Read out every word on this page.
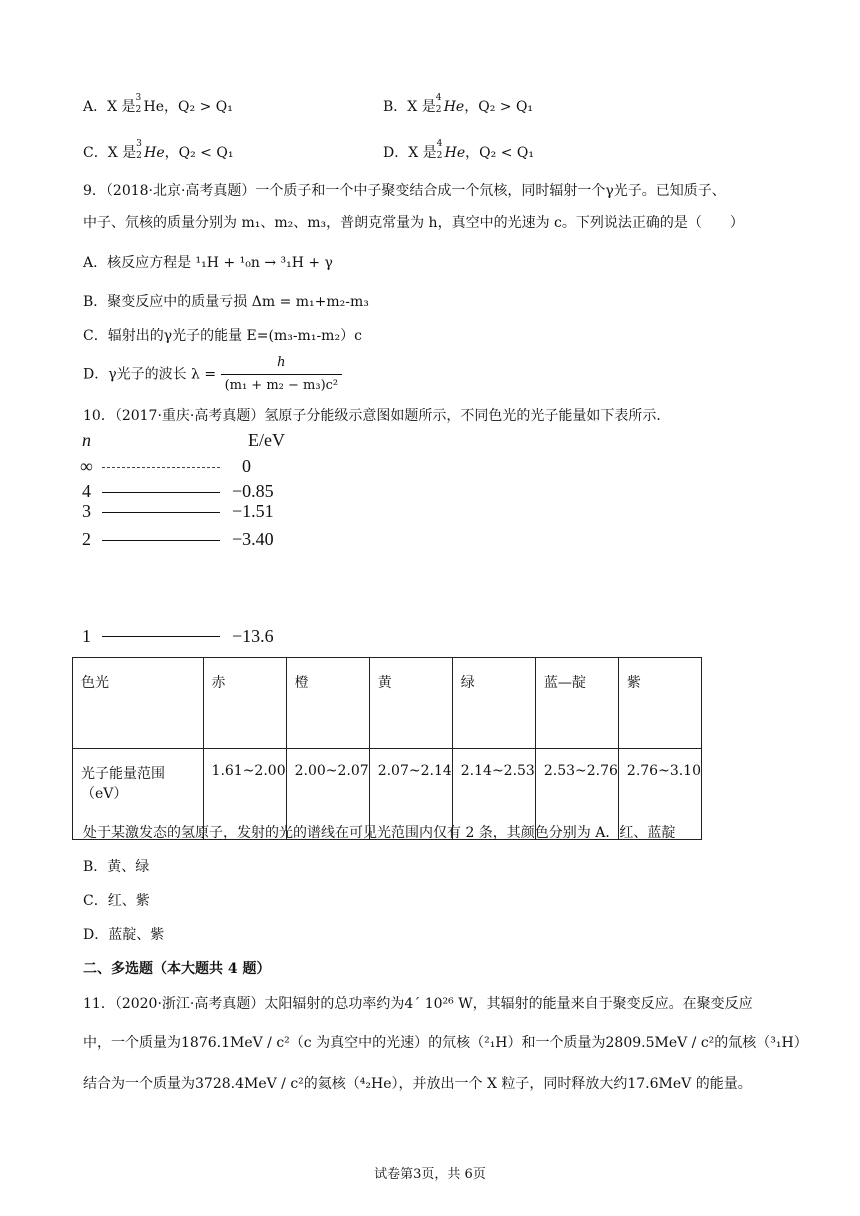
A．X 是
3
2 He，Q₂ > Q₁	B．X 是
4
2 He，Q₂ > Q₁
C．X 是
3
2 He，Q₂ < Q₁	D．X 是
4
2 He，Q₂ < Q₁
9．（2018·北京·高考真题）一个质子和一个中子聚变结合成一个氘核，同时辐射一个γ光子。已知质子、
中子、氘核的质量分别为 m₁、m₂、m₃，普朗克常量为 h，真空中的光速为 c。下列说法正确的是（　　）
A．核反应方程是 ¹₁H + ¹₀n → ³₁H + γ
B．聚变反应中的质量亏损 Δm = m₁+m₂-m₃
C．辐射出的γ光子的能量 E=(m₃-m₁-m₂）c
D．γ光子的波长 $\lambda = \frac{h}{\text{(m₁ + m₂ − m₃)c²}}$
10．（2017·重庆·高考真题）氢原子分能级示意图如题所示，不同色光的光子能量如下表所示．
n	E/eV
∞	0
4	−0.85
3	−1.51
2	−3.40
1	−13.6
色光	赤	橙	黄	绿	蓝—靛	紫
光子能量范围（eV）	1.61~2.00	2.00~2.07	2.07~2.14	2.14~2.53	2.53~2.76	2.76~3.10
处于某激发态的氢原子，发射的光的谱线在可见光范围内仅有 2 条，其颜色分别为 A．红、蓝靛
B．黄、绿
C．红、紫
D．蓝靛、紫
二、多选题（本大题共 4 题）
11．（2020·浙江·高考真题）太阳辐射的总功率约为4´ 10²⁶ W，其辐射的能量来自于聚变反应。在聚变反应
中，一个质量为1876.1MeV / c²（c 为真空中的光速）的氘核（²₁H）和一个质量为2809.5MeV / c²的氚核（³₁H）
结合为一个质量为3728.4MeV / c²的氦核（⁴₂He），并放出一个 X 粒子，同时释放大约17.6MeV 的能量。
试卷第3页，共 6页
